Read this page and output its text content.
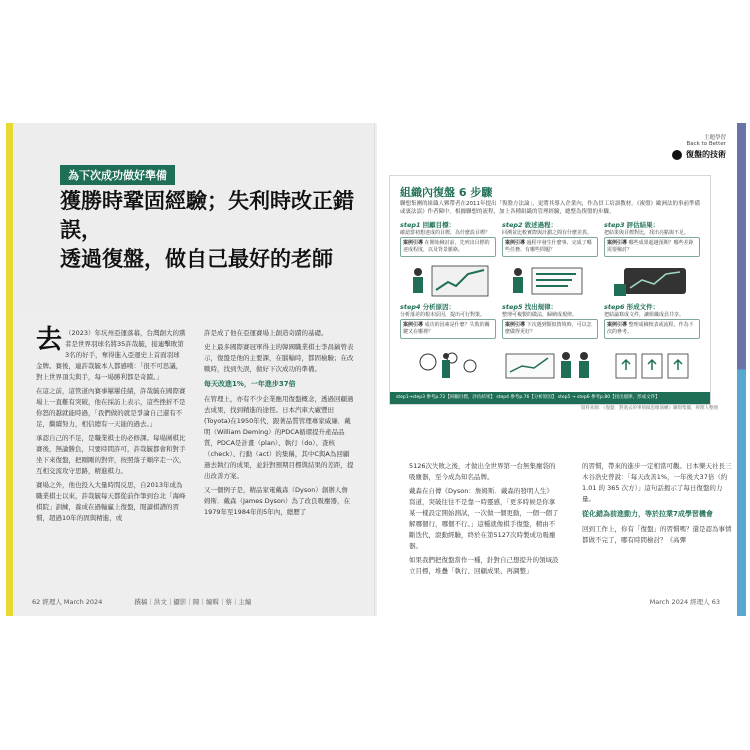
為下次成功做好準備
獲勝時鞏固經驗；失利時改正錯誤，
透過復盤，做自己最好的老師
去 （2023）年坑州亞運落幕，台灣創大的黨者是世界羽球名將35許哉毓，接連擊敗第3名的好手，奪得進入亞運史上首面羽球金牌。賽後，連許哉毓本人都感嘆：「很不可思議，對上世界頂尖與手，每一場勝利都是奇蹟。」

在這之前，這管道內賽事屢屢佳績，許哉毓在國際賽場上一直難有突破，他在採訪上表示，這些挫折不是你怒的越就能時過，「我們做的就是爭論自己還有不足，繼續努力，相信總有一天能的過去。」

承認自己的不足，是職業棋士的必修課。每場圍棋比賽後，無論勝負，只要時間許可，許哉毓都會和對手坐下來復盤，把剛剛的對弈，按照落子順序走一次，互相交流攻守思路，精進棋力。

賽場之外，他也投入大量時間反思，自2013年成為職業棋士以來，許哉毓每天都從前作筆到台北「海峰棋院」訓練，養成在過輸贏上復盤，閱讀棋譜的習慣，超過10年的固與精進，或

許是成了他在亞運賽場上創造奇蹟的基礎。

史上最多國際賽冠軍得主的韓國職業棋士李昌鎬曾表示，復盤是他的主要課，在腦輸時，都固檢驗；在改戰時，找到失誤，做好下次成功的準備。

每天改進1%，一年進步37倍

在管理上，亦有不少企業應用復盤概念，透過回顧過去成果，找到精進的途徑。日本汽車大廠豐田(Toyota)在1950年代，跟著品質管理專家威廉．戴明（William Deming）的PDCA循環提升產品品質，PDCA是計畫（plan）、執行（do）、查核（check）、行動（act）的集稱，其中C與A為回顧過去執行的成果，並針對預期目標與結果的差距，提出改善方案。

又一個例子是，精品家電戴森（Dyson）創辦人詹姆斯．戴森（James Dyson）為了改良吸塵器，在1979年至1984年的5年內，總歷了

62 經理人 March 2024	撰稿｜洪文｜攝影｜陳｜編輯｜蔡｜主編
主題學習
Back to Better
復盤的技術
組織內復盤 6 步驟
聯想集團的組織人夥帶者在2011年提出「復盤方法論」，更將其導入企業內，作為員工培訓教材。《複盤》歐洲法的事前準備或裏法誤》作者陳中。根據聯想的流程，加上各種組織的管理經驗，總整為復盤的步驟。
step1 回顧目標：
確認當初想達成的目標，為什麼設目標？
案例引導 在開始檢討前，先列出目標的達成程度，以及背景脈絡。
step2 敘述過程：
回溯並比較實際與計劃之間有什麼差異。
案例引導 過程中發生什麼事、完成了哪些任務、有哪些問題？
step3 評估結果：
把結果與目標對比，找出亮點與不足。
案例引導 哪些成果超越預期？哪些差距需要檢討？
step4 分析原因：
分析落差的根本原因，提出可行對策。
案例引導 成功的因素是什麼？失敗的關鍵又在哪裡？
step5 找出規律：
整理可複製的做法，歸納成規律。
案例引導 下次遇到類似情境時，可以怎麼做得更好？
step6 形成文件：
把結論寫成文件，讓組織成員共享。
案例引導 整理成檢核表或流程，作為下次的參考。
step1→step3 參考p.72【回顧目標，評估結果】 step4 參考p.76【分析原因】 step5 → step6 參考p.80【找出規律，形成文件】
資料來源：《復盤：對過去的事情做思維演練》聯想集團，經理人整理

5126次失敗之後，才做出全世界第一台無集塵袋的吸塵器，至今成為知名品牌。

戴森在自傳《Dyson：詹姆斯．戴森的發明人生》寫道，突破往往不是靠一時靈感，「更多時候是你拿某一樣設定開始測試，一次做一個更動，一個一個了解哪個行，哪個不行。」這種就像棋手復盤，精由不斷迭代，滾動經驗，終於在第5127次時製成功吸塵器。

如果我們把復盤當作一種，針對自己想提升的領域設立目標，堆疊「執行、回顧成果、再調整」

的習慣，帶來的進步一定相當可觀。日本樂天社長三木谷浩史曾說：「每天改善1%，一年後大37倍（約 1.01 的 365 次方）」這句話揭示了每日復盤的力量。

從化錯為前進動力，等於拉業7成學習機會

回到工作上，你有「復盤」的習慣嗎？還是認為事情都做不完了，哪有時間檢討？《高彈

March 2024 經理人 63
